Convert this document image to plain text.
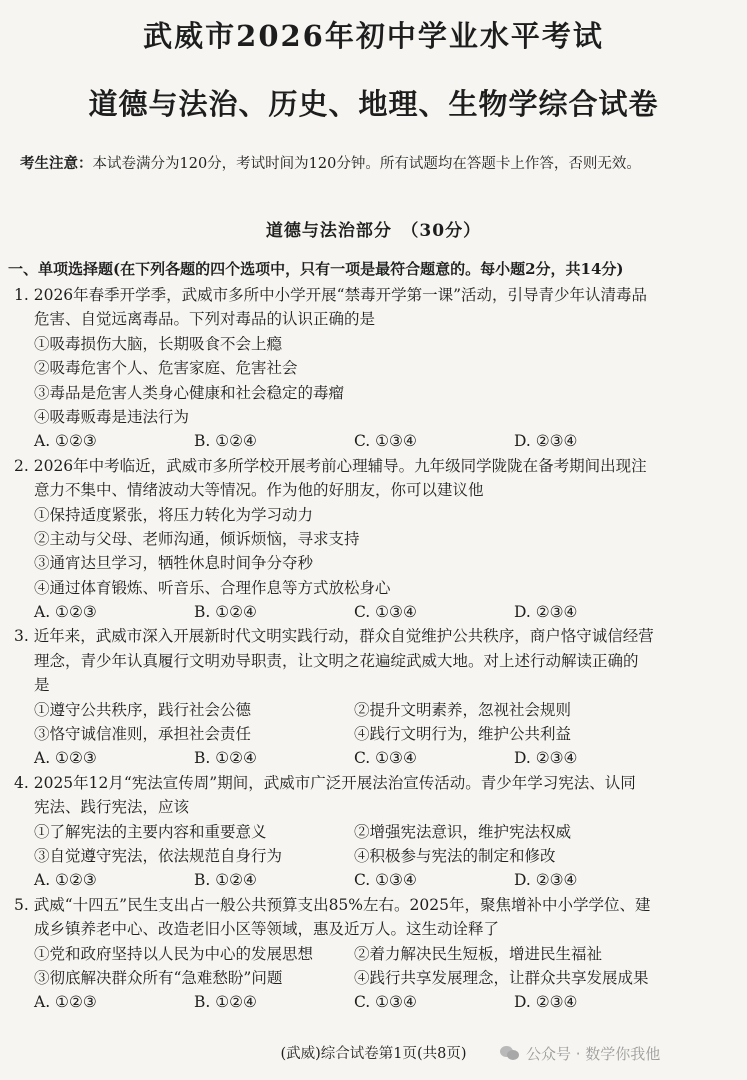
武威市2026年初中学业水平考试
道德与法治、历史、地理、生物学综合试卷
考生注意：本试卷满分为120分，考试时间为120分钟。所有试题均在答题卡上作答，否则无效。
道德与法治部分　（30分）
一、单项选择题(在下列各题的四个选项中，只有一项是最符合题意的。每小题2分，共14分)
1. 2026年春季开学季，武威市多所中小学开展“禁毒开学第一课”活动，引导青少年认清毒品
危害、自觉远离毒品。下列对毒品的认识正确的是
①吸毒损伤大脑，长期吸食不会上瘾
②吸毒危害个人、危害家庭、危害社会
③毒品是危害人类身心健康和社会稳定的毒瘤
④吸毒贩毒是违法行为
A. ①②③	B. ①②④	C. ①③④	D. ②③④
2. 2026年中考临近，武威市多所学校开展考前心理辅导。九年级同学陇陇在备考期间出现注
意力不集中、情绪波动大等情况。作为他的好朋友，你可以建议他
①保持适度紧张，将压力转化为学习动力
②主动与父母、老师沟通，倾诉烦恼，寻求支持
③通宵达旦学习，牺牲休息时间争分夺秒
④通过体育锻炼、听音乐、合理作息等方式放松身心
A. ①②③	B. ①②④	C. ①③④	D. ②③④
3. 近年来，武威市深入开展新时代文明实践行动，群众自觉维护公共秩序，商户恪守诚信经营
理念，青少年认真履行文明劝导职责，让文明之花遍绽武威大地。对上述行动解读正确的
是
①遵守公共秩序，践行社会公德	②提升文明素养，忽视社会规则
③恪守诚信准则，承担社会责任	④践行文明行为，维护公共利益
A. ①②③	B. ①②④	C. ①③④	D. ②③④
4. 2025年12月“宪法宣传周”期间，武威市广泛开展法治宣传活动。青少年学习宪法、认同
宪法、践行宪法，应该
①了解宪法的主要内容和重要意义	②增强宪法意识，维护宪法权威
③自觉遵守宪法，依法规范自身行为	④积极参与宪法的制定和修改
A. ①②③	B. ①②④	C. ①③④	D. ②③④
5. 武威“十四五”民生支出占一般公共预算支出85%左右。2025年，聚焦增补中小学学位、建
成乡镇养老中心、改造老旧小区等领域，惠及近万人。这生动诠释了
①党和政府坚持以人民为中心的发展思想	②着力解决民生短板，增进民生福祉
③彻底解决群众所有“急难愁盼”问题	④践行共享发展理念，让群众共享发展成果
A. ①②③	B. ①②④	C. ①③④	D. ②③④
(武威)综合试卷第1页(共8页)	公众号 · 数学你我他
